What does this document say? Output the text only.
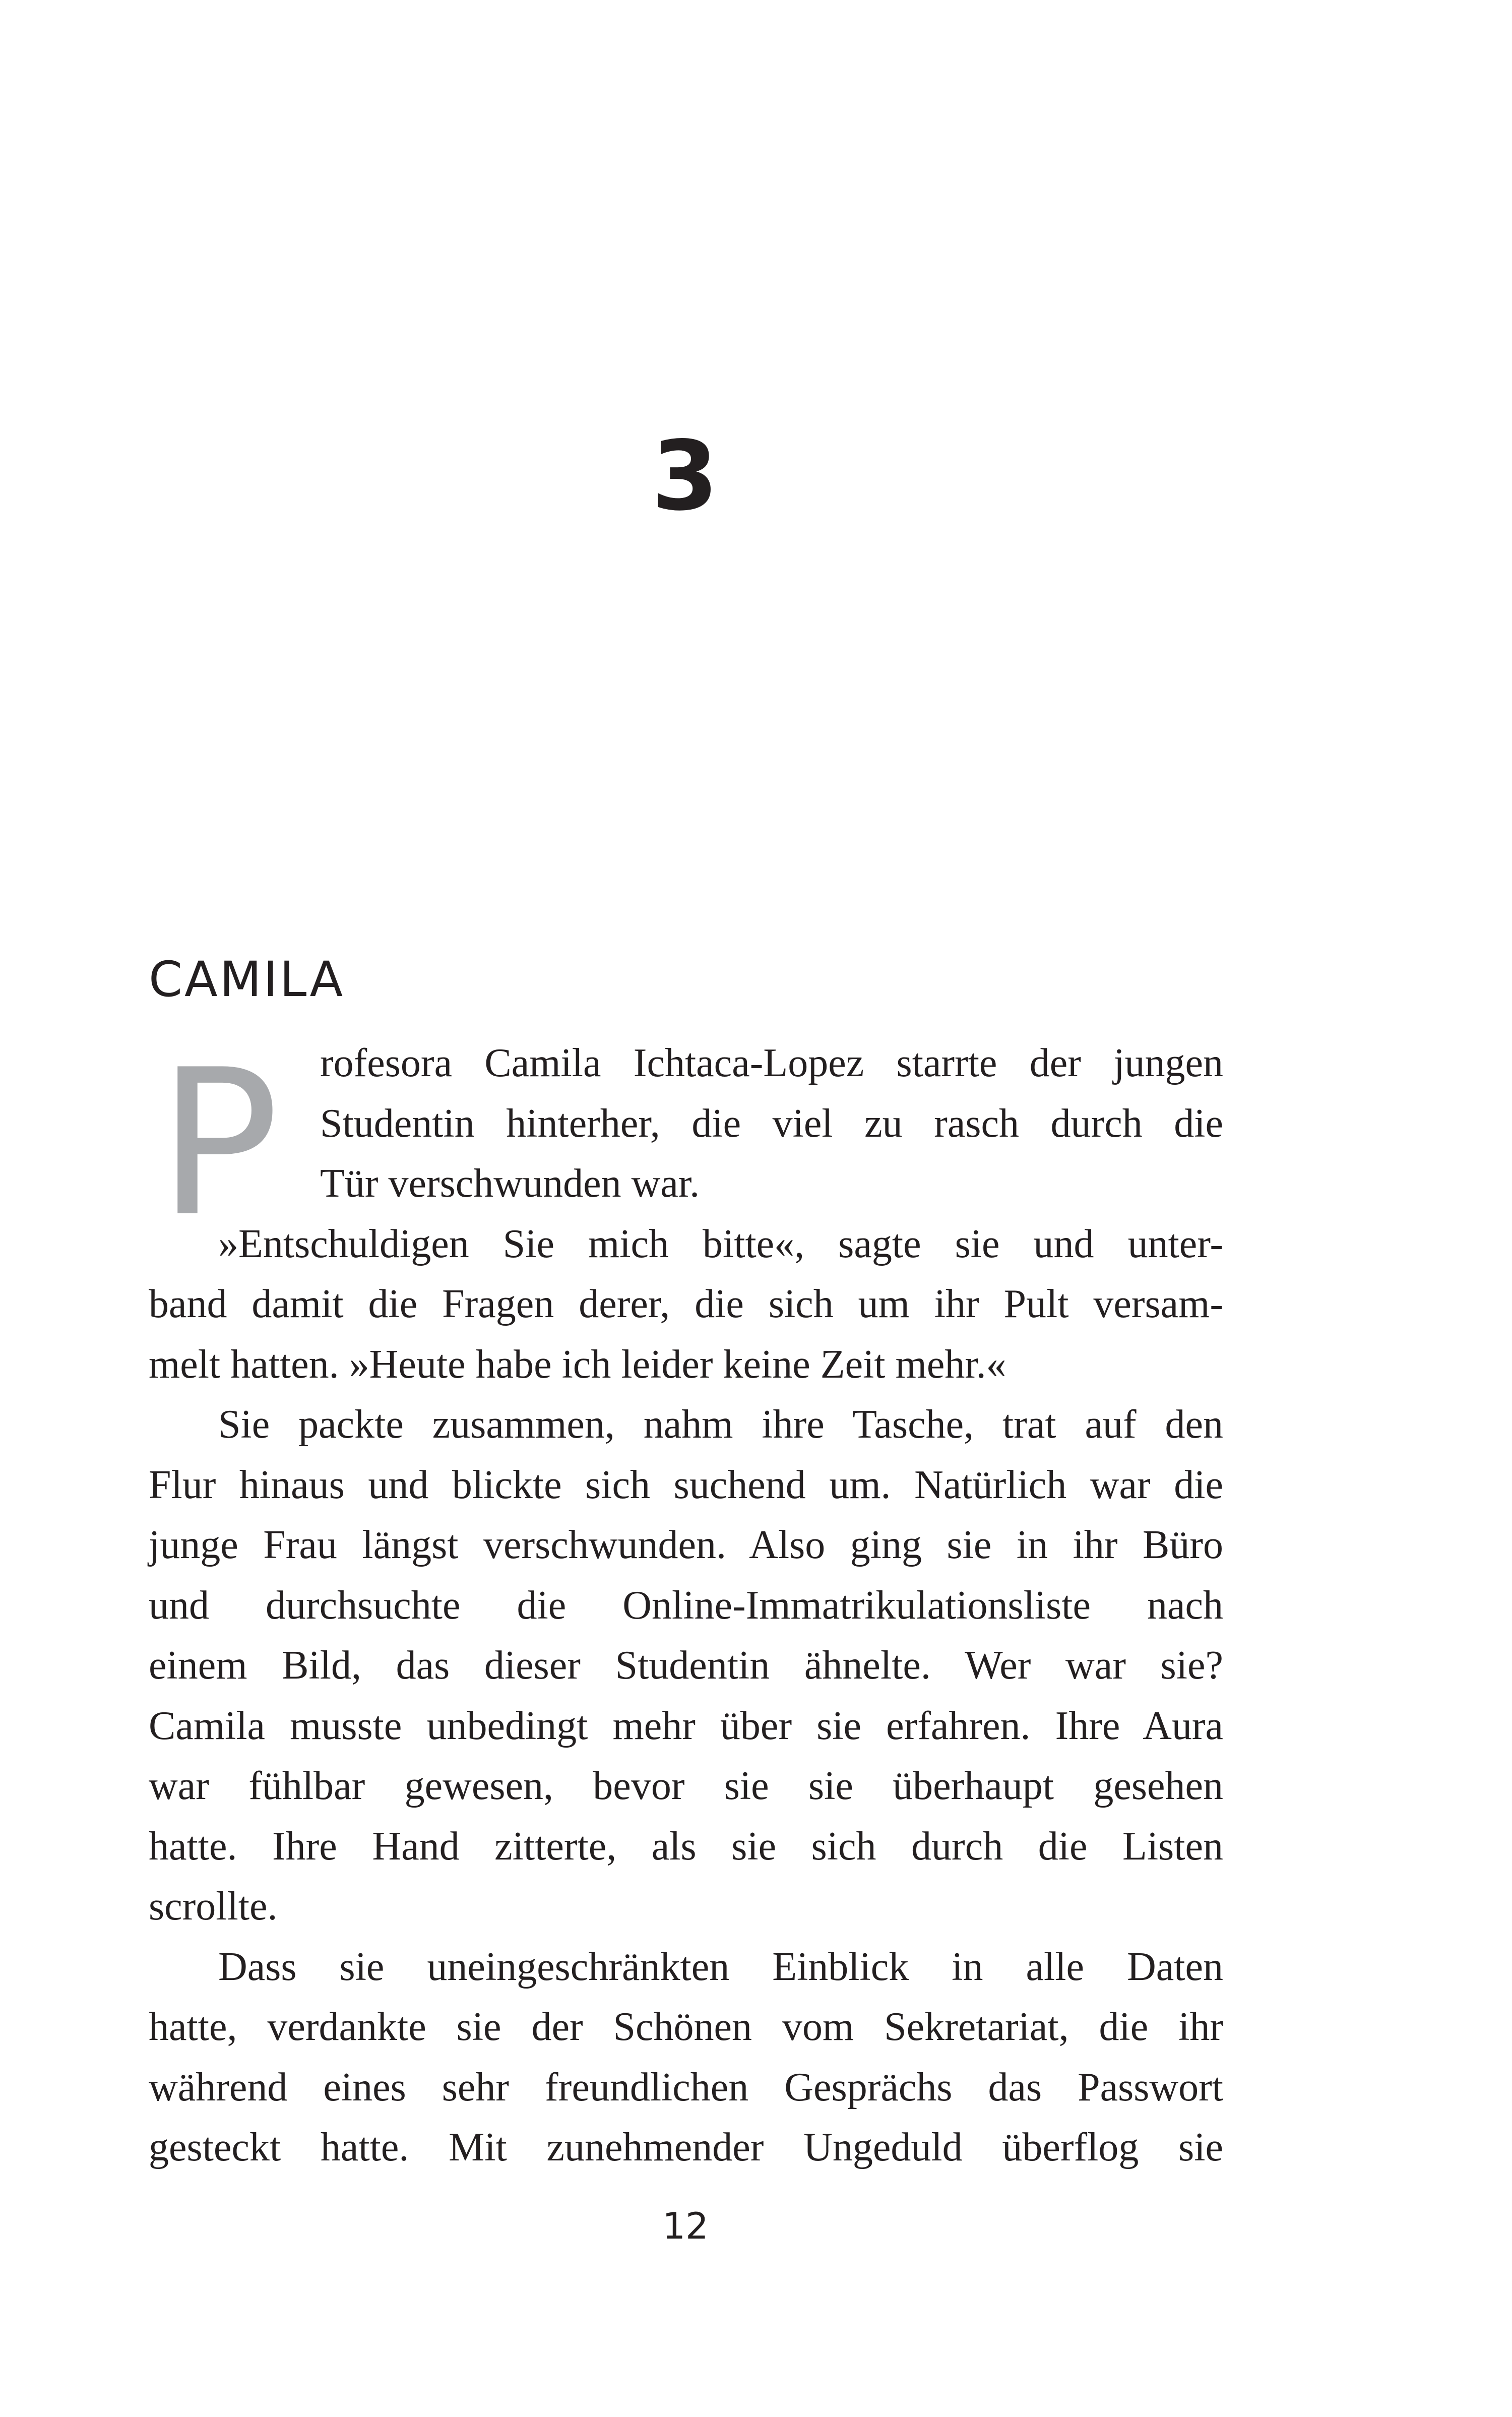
3
CAMILA

P rofesora Camila Ichtaca-Lopez starrte der jungen
Studentin hinterher, die viel zu rasch durch die
Tür verschwunden war.

»Entschuldigen Sie mich bitte«, sagte sie und unter-
band damit die Fragen derer, die sich um ihr Pult versam-
melt hatten. »Heute habe ich leider keine Zeit mehr.«

Sie packte zusammen, nahm ihre Tasche, trat auf den
Flur hinaus und blickte sich suchend um. Natürlich war die
junge Frau längst verschwunden. Also ging sie in ihr Büro
und durchsuchte die Online-Immatrikulationsliste nach
einem Bild, das dieser Studentin ähnelte. Wer war sie?
Camila musste unbedingt mehr über sie erfahren. Ihre Aura
war fühlbar gewesen, bevor sie sie überhaupt gesehen
hatte. Ihre Hand zitterte, als sie sich durch die Listen
scrollte.

Dass sie uneingeschränkten Einblick in alle Daten
hatte, verdankte sie der Schönen vom Sekretariat, die ihr
während eines sehr freundlichen Gesprächs das Passwort
gesteckt hatte. Mit zunehmender Ungeduld überflog sie

12
